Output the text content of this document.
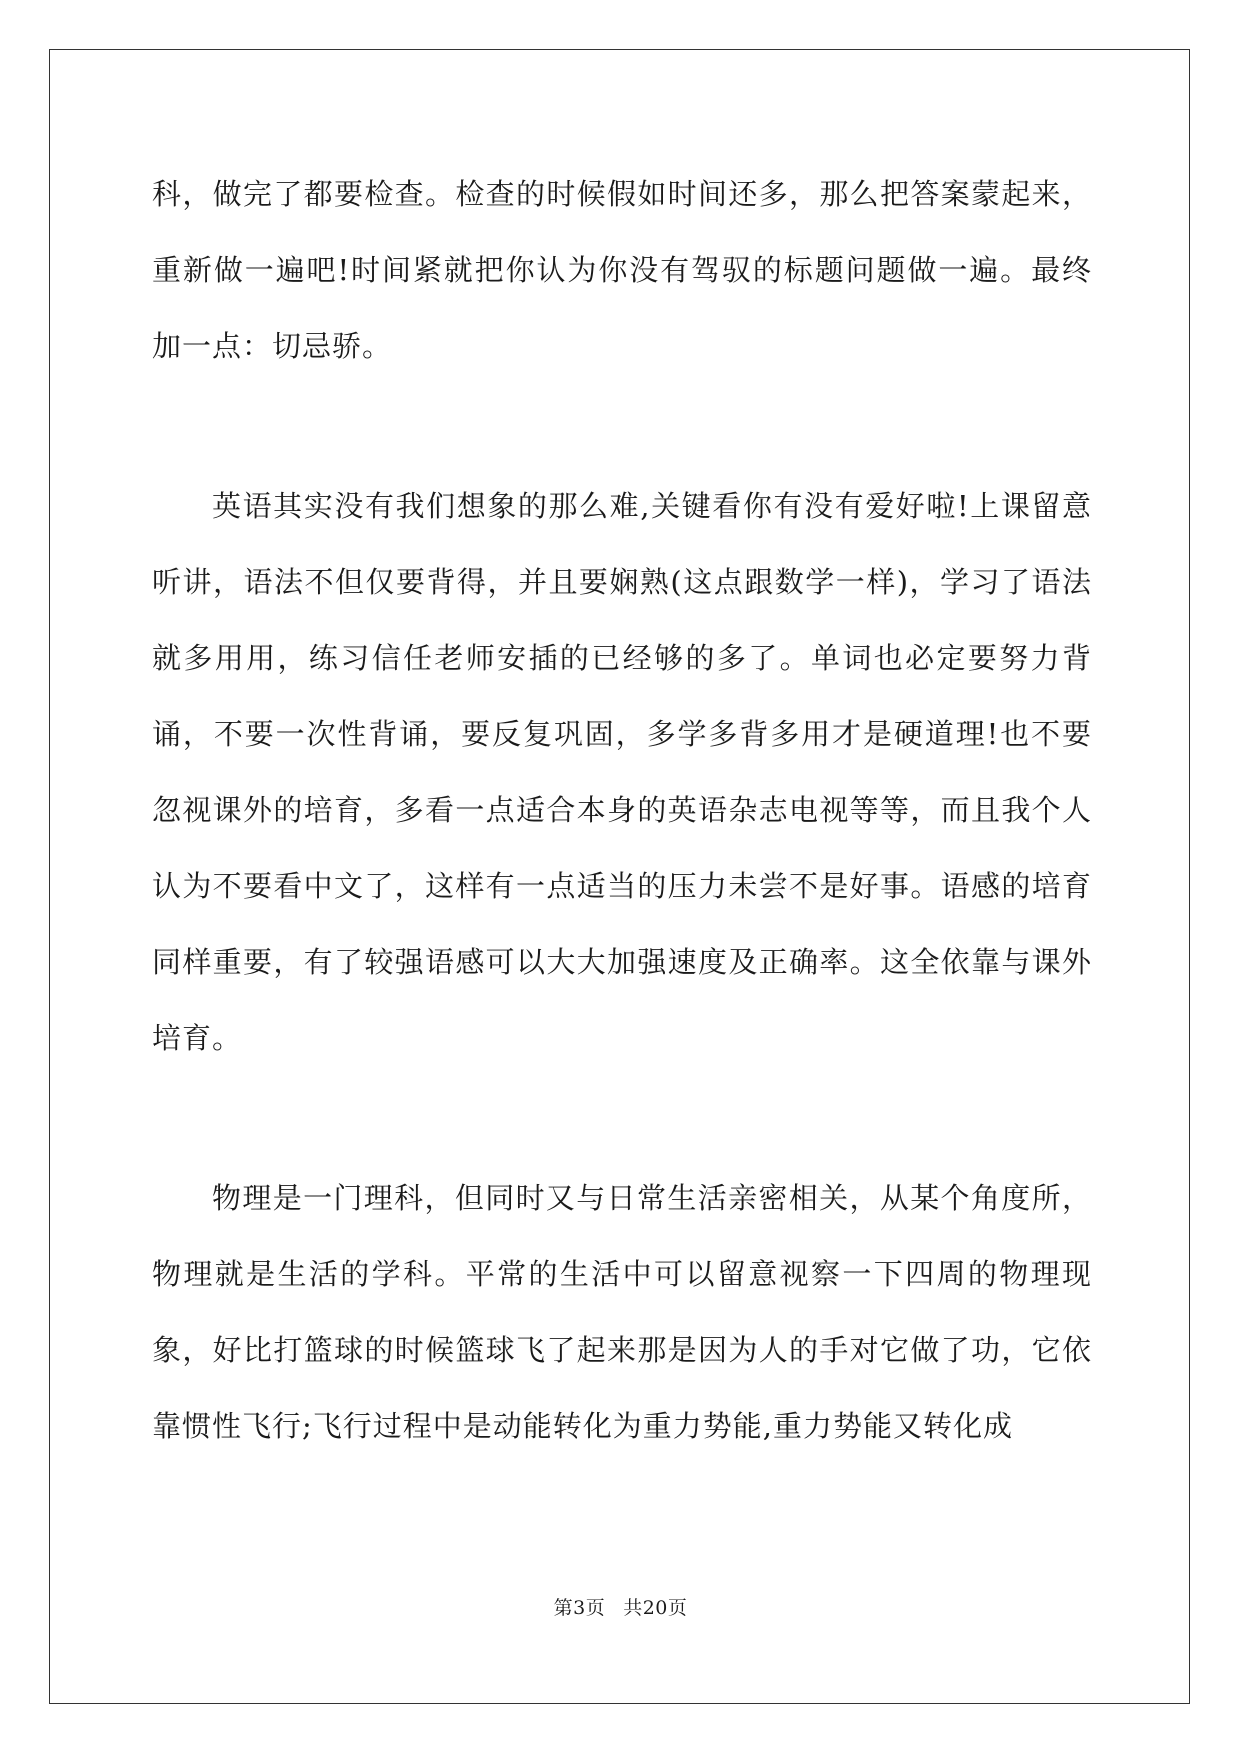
科，做完了都要检查。检查的时候假如时间还多，那么把答案蒙起来，重新做一遍吧!时间紧就把你认为你没有驾驭的标题问题做一遍。最终加一点：切忌骄。

英语其实没有我们想象的那么难,关键看你有没有爱好啦!上课留意听讲，语法不但仅要背得，并且要娴熟(这点跟数学一样)，学习了语法就多用用，练习信任老师安插的已经够的多了。单词也必定要努力背诵，不要一次性背诵，要反复巩固，多学多背多用才是硬道理!也不要忽视课外的培育，多看一点适合本身的英语杂志电视等等，而且我个人认为不要看中文了，这样有一点适当的压力未尝不是好事。语感的培育同样重要，有了较强语感可以大大加强速度及正确率。这全依靠与课外培育。

物理是一门理科，但同时又与日常生活亲密相关，从某个角度所，物理就是生活的学科。平常的生活中可以留意视察一下四周的物理现象，好比打篮球的时候篮球飞了起来那是因为人的手对它做了功，它依靠惯性飞行;飞行过程中是动能转化为重力势能,重力势能又转化成

第3页 共20页
